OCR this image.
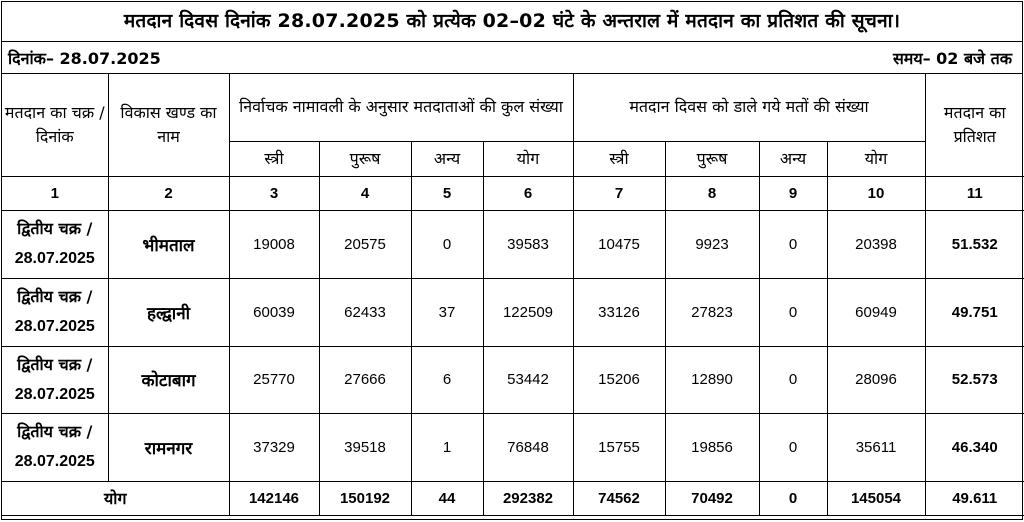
मतदान दिवस दिनांक 28.07.2025 को प्रत्येक 02–02 घंटे के अन्तराल में मतदान का प्रतिशत की सूचना।
दिनांक– 28.07.2025	समय– 02 बजे तक
मतदान का चक्र / दिनांक	विकास खण्ड का नाम	निर्वाचक नामावली के अनुसार मतदाताओं की कुल संख्या				मतदान दिवस को डाले गये मतों की संख्या				मतदान का प्रतिशत
		स्त्री	पुरूष	अन्य	योग	स्त्री	पुरूष	अन्य	योग	
1	2	3	4	5	6	7	8	9	10	11

द्वितीय चक्र /
28.07.2025	भीमताल	19008	20575	0	39583	10475	9923	0	20398	51.532

द्वितीय चक्र /
28.07.2025	हल्द्वानी	60039	62433	37	122509	33126	27823	0	60949	49.751

द्वितीय चक्र /
28.07.2025	कोटाबाग	25770	27666	6	53442	15206	12890	0	28096	52.573

द्वितीय चक्र /
28.07.2025	रामनगर	37329	39518	1	76848	15755	19856	0	35611	46.340
योग		142146	150192	44	292382	74562	70492	0	145054	49.611
